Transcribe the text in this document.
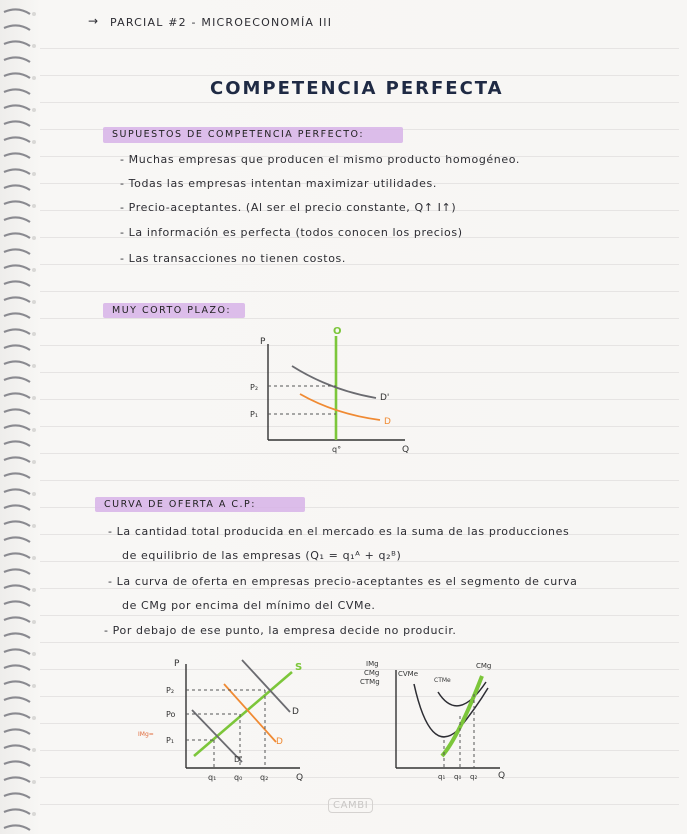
→ PARCIAL #2 - MICROECONOMÍA III
COMPETENCIA PERFECTA
SUPUESTOS DE COMPETENCIA PERFECTO:
- Muchas empresas que producen el mismo producto homogéneo.
- Todas las empresas intentan maximizar utilidades.
- Precio-aceptantes. (Al ser el precio constante, Q↑ I↑)
- La información es perfecta (todos conocen los precios)
- Las transacciones no tienen costos.
MUY CORTO PLAZO:
P
Q
O
P₂
P₁
D'
D
q°
CURVA DE OFERTA A C.P:
- La cantidad total producida en el mercado es la suma de las producciones
de equilibrio de las empresas (Q₁ = q₁ᴬ + q₂ᴮ)
- La curva de oferta en empresas precio-aceptantes es el segmento de curva
de CMg por encima del mínimo del CVMe.
- Por debajo de ese punto, la empresa decide no producir.
P
Q
S
D
D
D'
P₂
Po
P₁
IMg=
q₁ q₀ q₂
IMg
CMg
CTMg
Q
CVMe
CTMe
CMg
q₁ q₀ q₂
CAMBI
